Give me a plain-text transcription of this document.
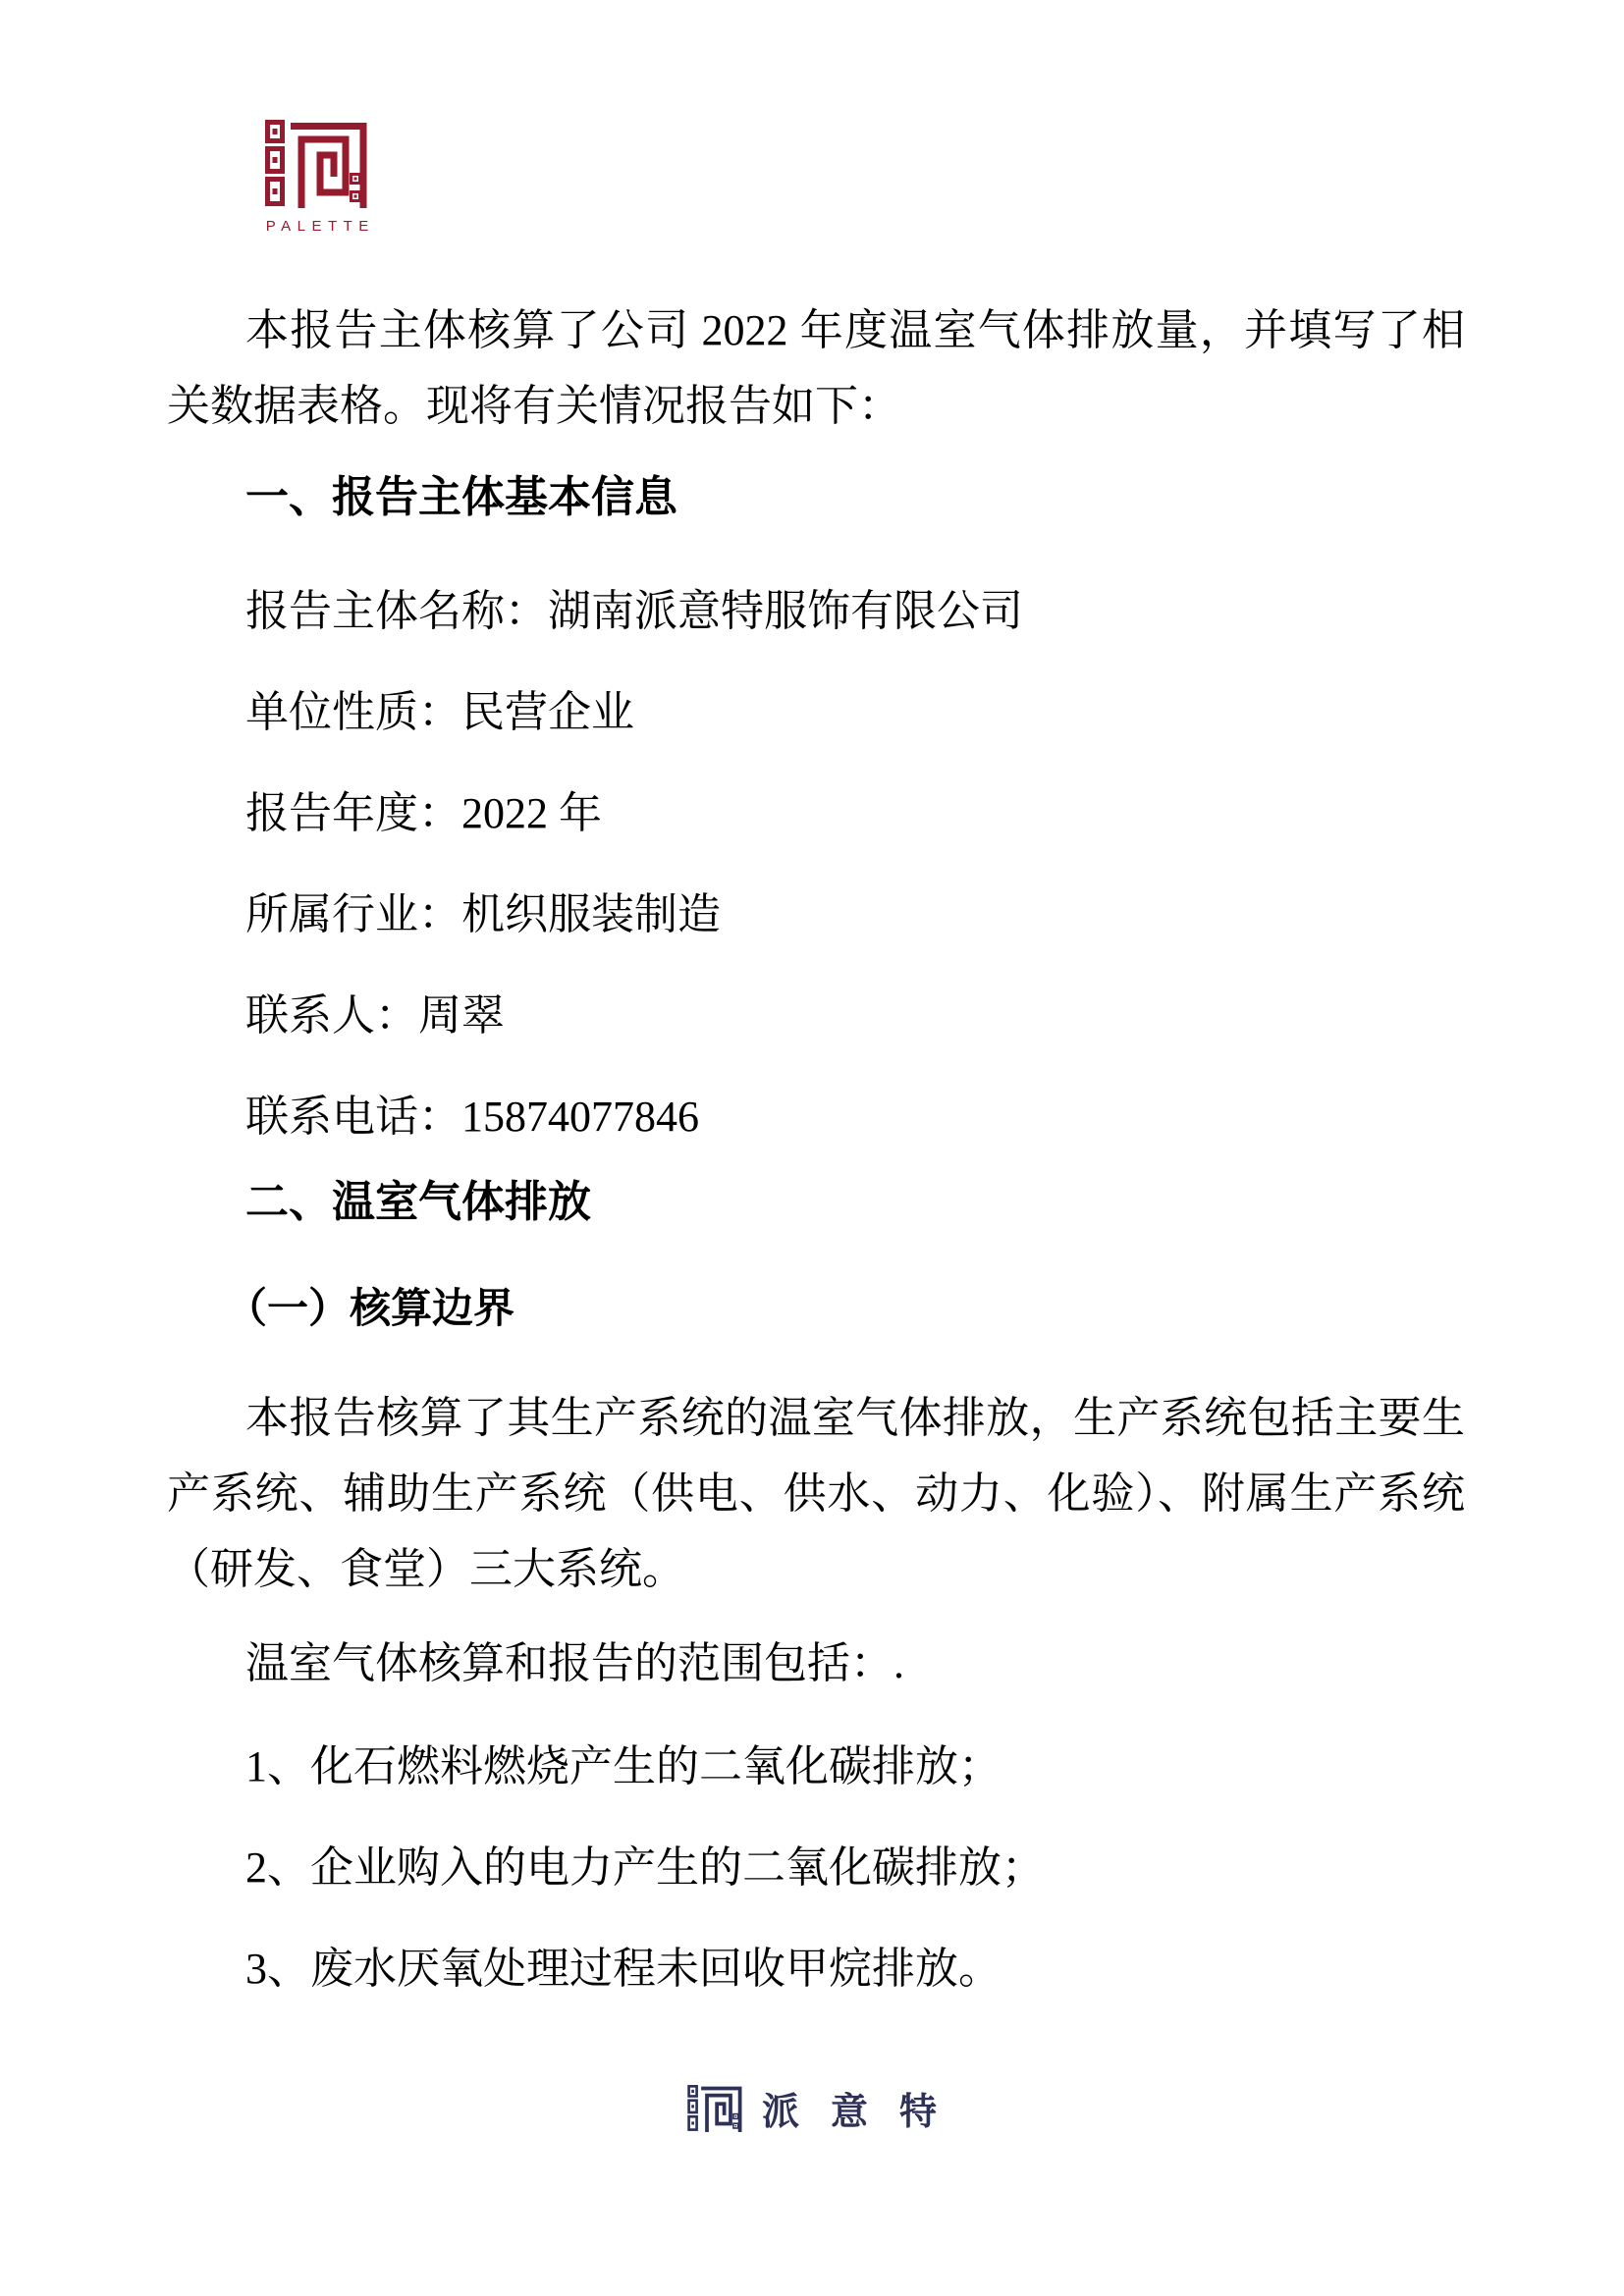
PALETTE

本报告主体核算了公司 2022 年度温室气体排放量，并填写了相关数据表格。现将有关情况报告如下：

一、报告主体基本信息

报告主体名称：湖南派意特服饰有限公司

单位性质：民营企业

报告年度：2022 年

所属行业：机织服装制造

联系人：周翠

联系电话：15874077846

二、温室气体排放
（一）核算边界

本报告核算了其生产系统的温室气体排放，生产系统包括主要生产系统、辅助生产系统（供电、供水、动力、化验）、附属生产系统（研发、食堂）三大系统。

温室气体核算和报告的范围包括：.

1、化石燃料燃烧产生的二氧化碳排放；

2、企业购入的电力产生的二氧化碳排放；

3、废水厌氧处理过程未回收甲烷排放。

派意特
